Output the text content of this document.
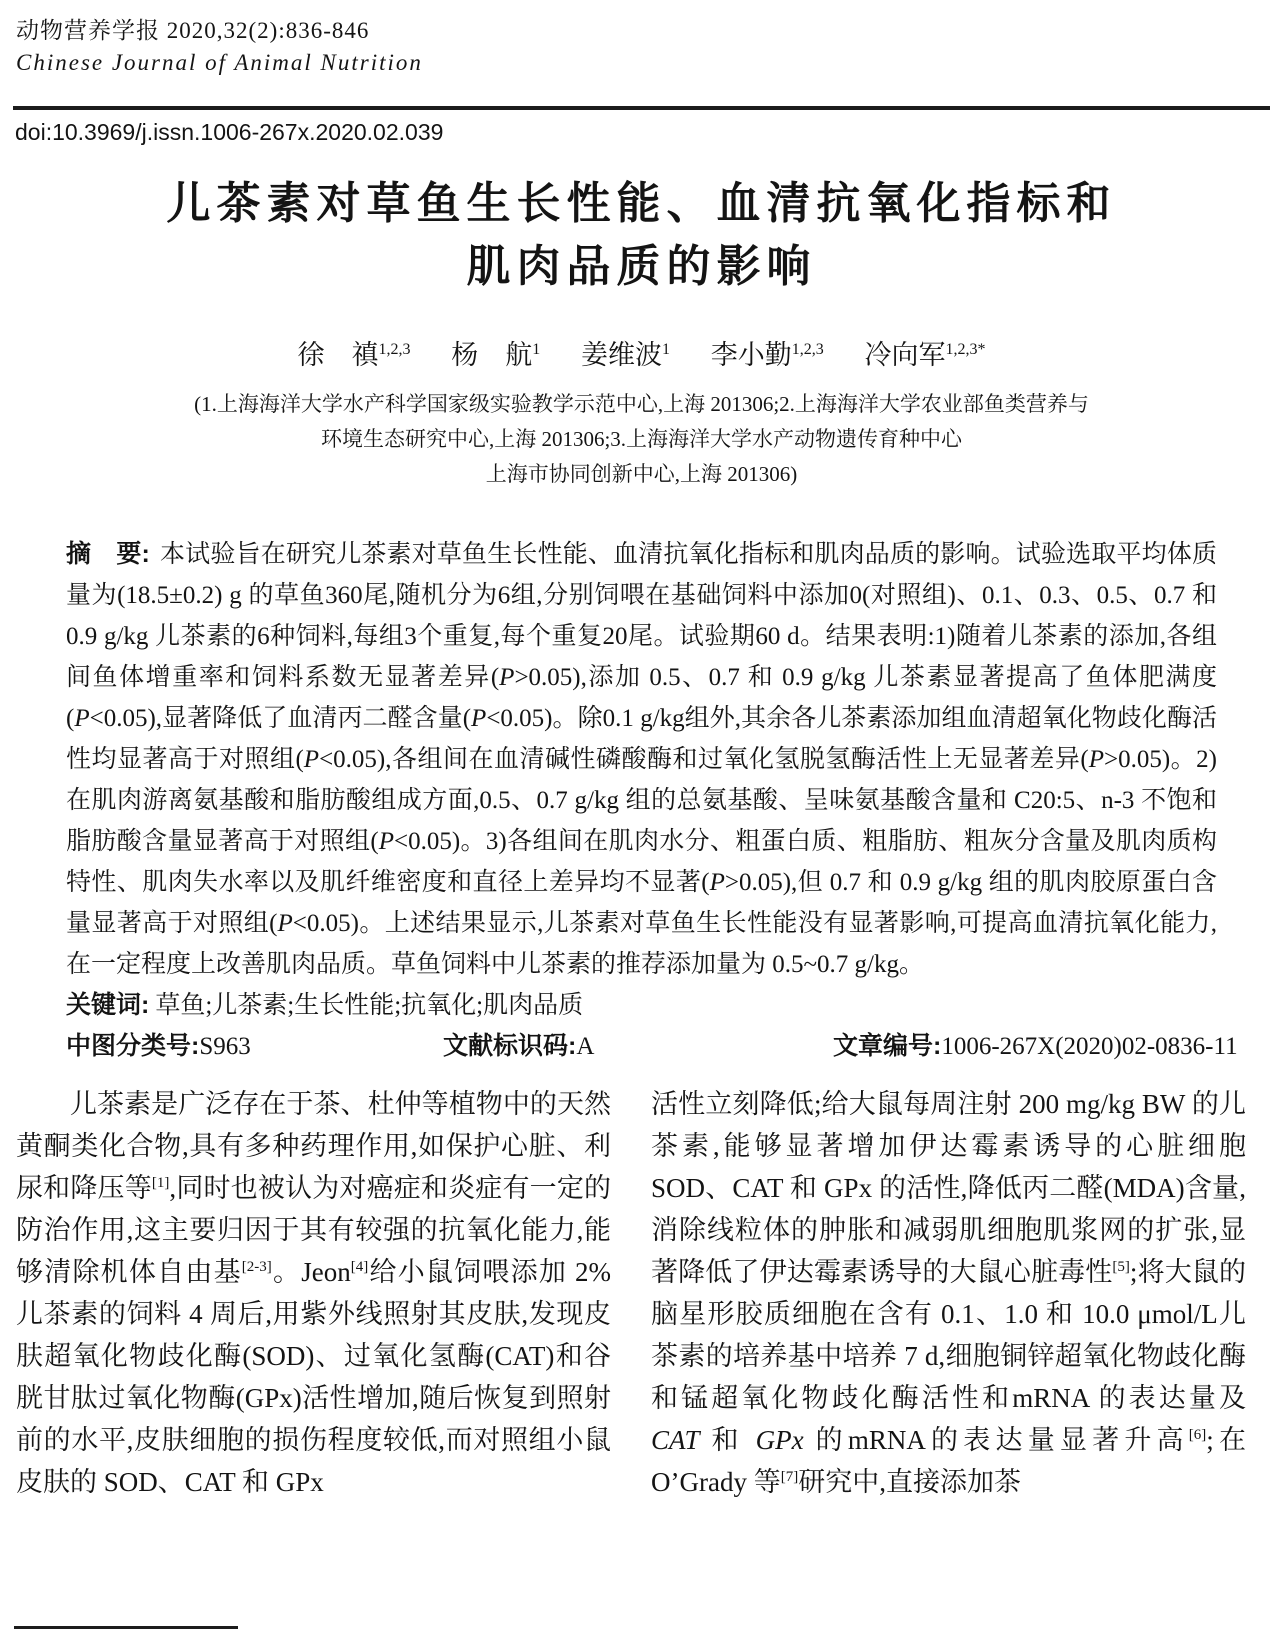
动物营养学报 2020,32(2):836-846
Chinese Journal of Animal Nutrition
doi:10.3969/j.issn.1006-267x.2020.02.039
儿茶素对草鱼生长性能、血清抗氧化指标和
肌肉品质的影响
徐　禛$^{1,2,3}$ 杨　航$^1$ 姜维波$^1$ 李小勤$^{1,2,3}$ 冷向军$^{1,2,3*}$
(1.上海海洋大学水产科学国家级实验教学示范中心,上海 201306;2.上海海洋大学农业部鱼类营养与
环境生态研究中心,上海 201306;3.上海海洋大学水产动物遗传育种中心
上海市协同创新中心,上海 201306)
摘　要: 本试验旨在研究儿茶素对草鱼生长性能、血清抗氧化指标和肌肉品质的影响。试验选取平均体质量为(18.5±0.2) g 的草鱼360尾,随机分为6组,分别饲喂在基础饲料中添加0(对照组)、0.1、0.3、0.5、0.7 和 0.9 g/kg 儿茶素的6种饲料,每组3个重复,每个重复20尾。试验期60 d。结果表明:1)随着儿茶素的添加,各组间鱼体增重率和饲料系数无显著差异(P>0.05),添加 0.5、0.7 和 0.9 g/kg 儿茶素显著提高了鱼体肥满度(P<0.05),显著降低了血清丙二醛含量(P<0.05)。除0.1 g/kg组外,其余各儿茶素添加组血清超氧化物歧化酶活性均显著高于对照组(P<0.05),各组间在血清碱性磷酸酶和过氧化氢脱氢酶活性上无显著差异(P>0.05)。2)在肌肉游离氨基酸和脂肪酸组成方面,0.5、0.7 g/kg 组的总氨基酸、呈味氨基酸含量和 C20:5、n-3 不饱和脂肪酸含量显著高于对照组(P<0.05)。3)各组间在肌肉水分、粗蛋白质、粗脂肪、粗灰分含量及肌肉质构特性、肌肉失水率以及肌纤维密度和直径上差异均不显著(P>0.05),但 0.7 和 0.9 g/kg 组的肌肉胶原蛋白含量显著高于对照组(P<0.05)。上述结果显示,儿茶素对草鱼生长性能没有显著影响,可提高血清抗氧化能力,在一定程度上改善肌肉品质。草鱼饲料中儿茶素的推荐添加量为 0.5~0.7 g/kg。
关键词: 草鱼;儿茶素;生长性能;抗氧化;肌肉品质
中图分类号:S963	文献标识码:A	文章编号:1006-267X(2020)02-0836-11

儿茶素是广泛存在于茶、杜仲等植物中的天然黄酮类化合物,具有多种药理作用,如保护心脏、利尿和降压等[1],同时也被认为对癌症和炎症有一定的防治作用,这主要归因于其有较强的抗氧化能力,能够清除机体自由基[2-3]。Jeon[4]给小鼠饲喂添加 2%儿茶素的饲料 4 周后,用紫外线照射其皮肤,发现皮肤超氧化物歧化酶(SOD)、过氧化氢酶(CAT)和谷胱甘肽过氧化物酶(GPx)活性增加,随后恢复到照射前的水平,皮肤细胞的损伤程度较低,而对照组小鼠皮肤的 SOD、CAT 和 GPx

活性立刻降低;给大鼠每周注射 200 mg/kg BW 的儿茶素,能够显著增加伊达霉素诱导的心脏细胞SOD、CAT 和 GPx 的活性,降低丙二醛(MDA)含量,消除线粒体的肿胀和减弱肌细胞肌浆网的扩张,显著降低了伊达霉素诱导的大鼠心脏毒性[5];将大鼠的脑星形胶质细胞在含有 0.1、1.0 和 10.0 μmol/L儿茶素的培养基中培养 7 d,细胞铜锌超氧化物歧化酶和锰超氧化物歧化酶活性和mRNA 的表达量及 CAT 和 GPx 的mRNA的表达量显著升高[6];在 O’Grady 等[7]研究中,直接添加茶
